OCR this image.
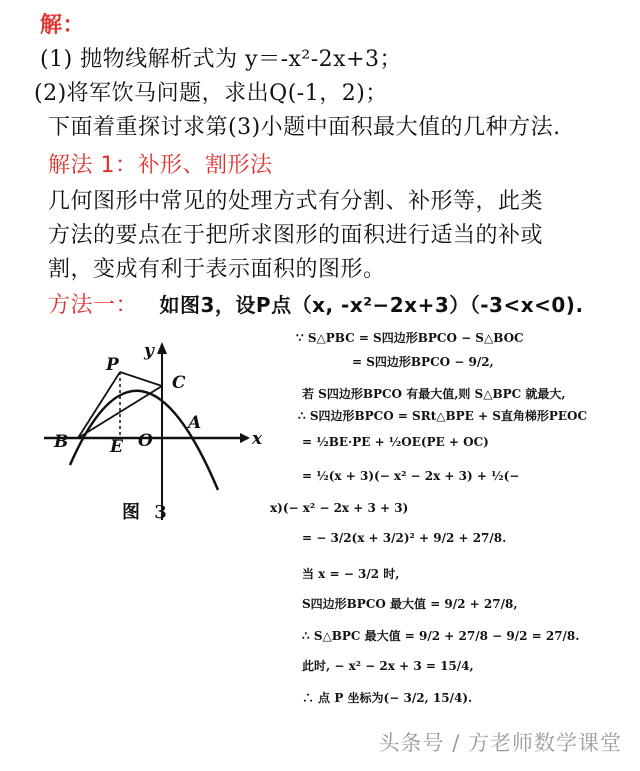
解：
(1) 抛物线解析式为 y＝-x²-2x+3；
(2)将军饮马问题，求出Q(-1，2)；
下面着重探讨求第(3)小题中面积最大值的几种方法.
解法 1：补形、割形法
几何图形中常见的处理方式有分割、补形等，此类
方法的要点在于把所求图形的面积进行适当的补或
割，变成有利于表示面积的图形。
方法一： 如图3，设P点（x, -x²−2x+3）（-3<x<0).
P
C
B E O
A
x
y
图 3
∵ S△PBC = S四边形BPCO − S△BOC
= S四边形BPCO − 9/2,
若 S四边形BPCO 有最大值,则 S△BPC 就最大,
∴ S四边形BPCO = SRt△BPE + S直角梯形PEOC
= ½BE·PE + ½OE(PE + OC)
= ½(x + 3)(− x² − 2x + 3) + ½(−
x)(− x² − 2x + 3 + 3)
= − 3/2(x + 3/2)² + 9/2 + 27/8.
当 x = − 3/2 时,
S四边形BPCO 最大值 = 9/2 + 27/8,
∴ S△BPC 最大值 = 9/2 + 27/8 − 9/2 = 27/8.
此时, − x² − 2x + 3 = 15/4,
∴ 点 P 坐标为(− 3/2, 15/4).
头条号 / 方老师数学课堂
